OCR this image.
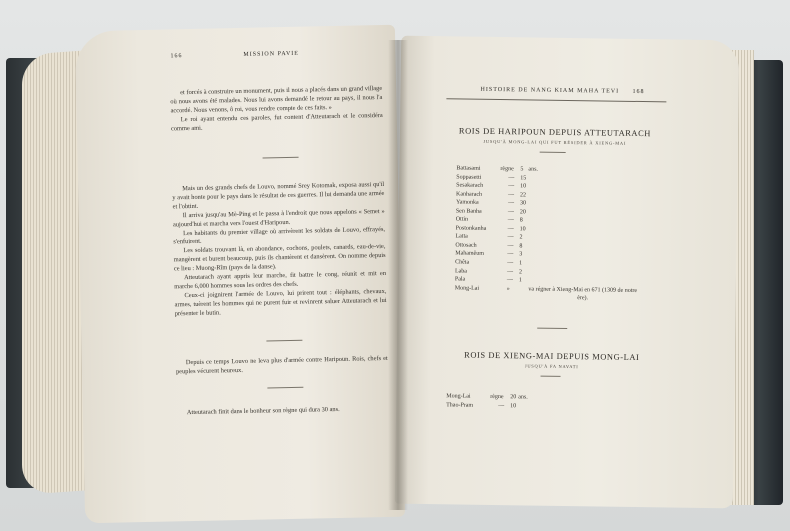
166	MISSION PAVIE

et forcés à construire un monument, puis il nous a placés dans un grand village où nous avons été malades. Nous lui avons demandé le retour au pays, il nous l'a accordé. Nous venons, ô roi, vous rendre compte de ces faits. »

Le roi ayant entendu ces paroles, fut content d'Atteutarach et le considéra comme ami.

Mais un des grands chefs de Louvo, nommé Srey Kotomak, exposa aussi qu'il y avait honte pour le pays dans le résultat de ces guerres. Il lui demanda une armée et l'obtint.

Il arriva jusqu'au Mè-Ping et le passa à l'endroit que nous appelons « Semet » aujourd'hui et marcha vers l'ouest d'Haripoun.

Les habitants du premier village où arrivèrent les soldats de Louvo, effrayés, s'enfuirent.

Les soldats trouvant là, en abondance, cochons, poulets, canards, eau-de-vie, mangèrent et burent beaucoup, puis ils chantèrent et dansèrent. On nomme depuis ce lieu : Muong-Rîm (pays de la danse).

Atteutarach ayant appris leur marche, fit battre le cong, réunit et mit en marche 6,000 hommes sous les ordres des chefs.

Ceux-ci joignirent l'armée de Louvo, lui prirent tout : éléphants, chevaux, armes, tuèrent les hommes qui ne purent fuir et revinrent saluer Atteutarach et lui présenter le butin.

Depuis ce temps Louvo ne leva plus d'armée contre Haripoun. Rois, chefs et peuples vécurent heureux.

Atteutarach finit dans le bonheur son règne qui dura 30 ans.

HISTOIRE DE NANG KIAM MAHA TEVI 168
ROIS DE HARIPOUN DEPUIS ATTEUTARACH
JUSQU'À MONG-LAI QUI FUT RÉSIDER À XIENG-MAI
Battasami	règne 5 ans.
Soppasetti	— 15
Sesakarach	— 10
Kanharach	— 22
Yamonka	— 30
Sen Banha	— 20
Ottin	— 8
Postonkanha	— 10
Latta	— 2
Ottosach	— 8
Mahamêum	— 3
Chêta	— 1
Laba	— 2
Pala	— 1
Mong-Lai	»	va régner à Xieng-Mai en 671 (1309 de notre ère).
ROIS DE XIENG-MAI DEPUIS MONG-LAI
JUSQU'À FA NAVATI
Mong-Lai	règne 20 ans.
Thao-Pram	— 10
